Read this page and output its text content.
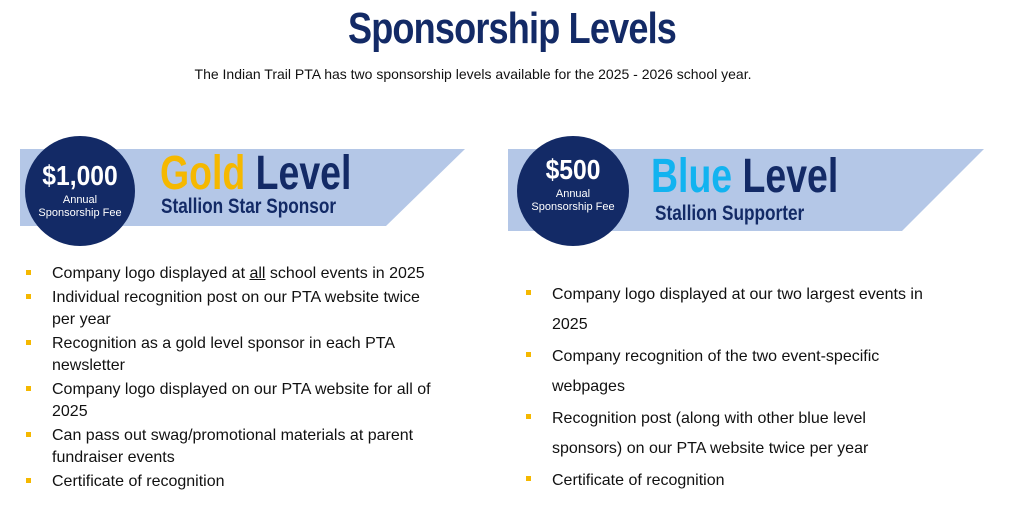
Sponsorship Levels
The Indian Trail PTA has two sponsorship levels available for the 2025 - 2026 school year.
$1,000
Annual Sponsorship Fee
Gold Level
Stallion Star Sponsor
$500
Annual Sponsorship Fee
Blue Level
Stallion Supporter
Company logo displayed at all school events in 2025
Individual recognition post on our PTA website twice per year
Recognition as a gold level sponsor in each PTA newsletter
Company logo displayed on our PTA website for all of 2025
Can pass out swag/promotional materials at parent fundraiser events
Certificate of recognition
Company logo displayed at our two largest events in 2025
Company recognition of the two event-specific webpages
Recognition post (along with other blue level sponsors) on our PTA website twice per year
Certificate of recognition
